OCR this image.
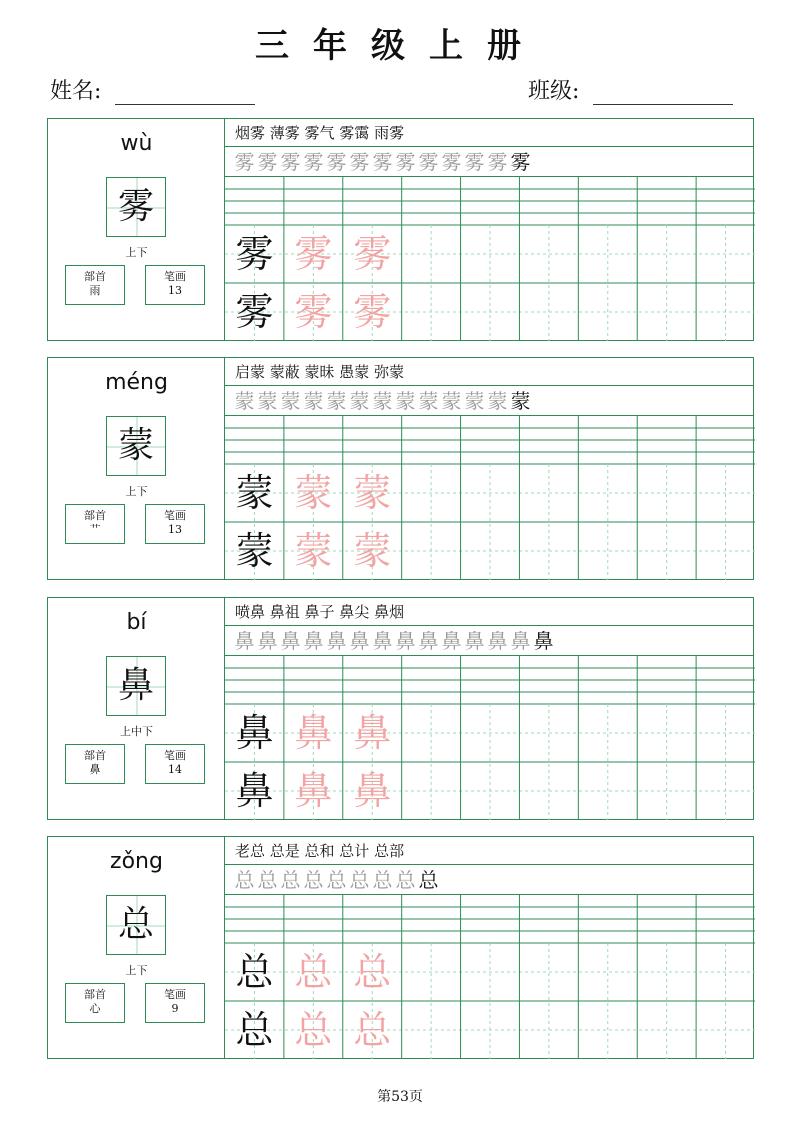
三年级上册
姓名:	班级:
wù
雾
上下
部首
雨
笔画
13
烟雾 薄雾 雾气 雾霭 雨雾
雾 雾 雾 雾 雾 雾 雾 雾 雾 雾 雾 雾 雾
雾 雾 雾
雾 雾 雾
méng
蒙
上下
部首
艹
笔画
13
启蒙 蒙蔽 蒙昧 愚蒙 弥蒙
蒙 蒙 蒙 蒙 蒙 蒙 蒙 蒙 蒙 蒙 蒙 蒙 蒙
蒙 蒙 蒙
蒙 蒙 蒙
bí
鼻
上中下
部首
鼻
笔画
14
喷鼻 鼻祖 鼻子 鼻尖 鼻烟
鼻 鼻 鼻 鼻 鼻 鼻 鼻 鼻 鼻 鼻 鼻 鼻 鼻 鼻
鼻 鼻 鼻
鼻 鼻 鼻
zǒng
总
上下
部首
心
笔画
9
老总 总是 总和 总计 总部
总 总 总 总 总 总 总 总 总
总 总 总
总 总 总
第53页
